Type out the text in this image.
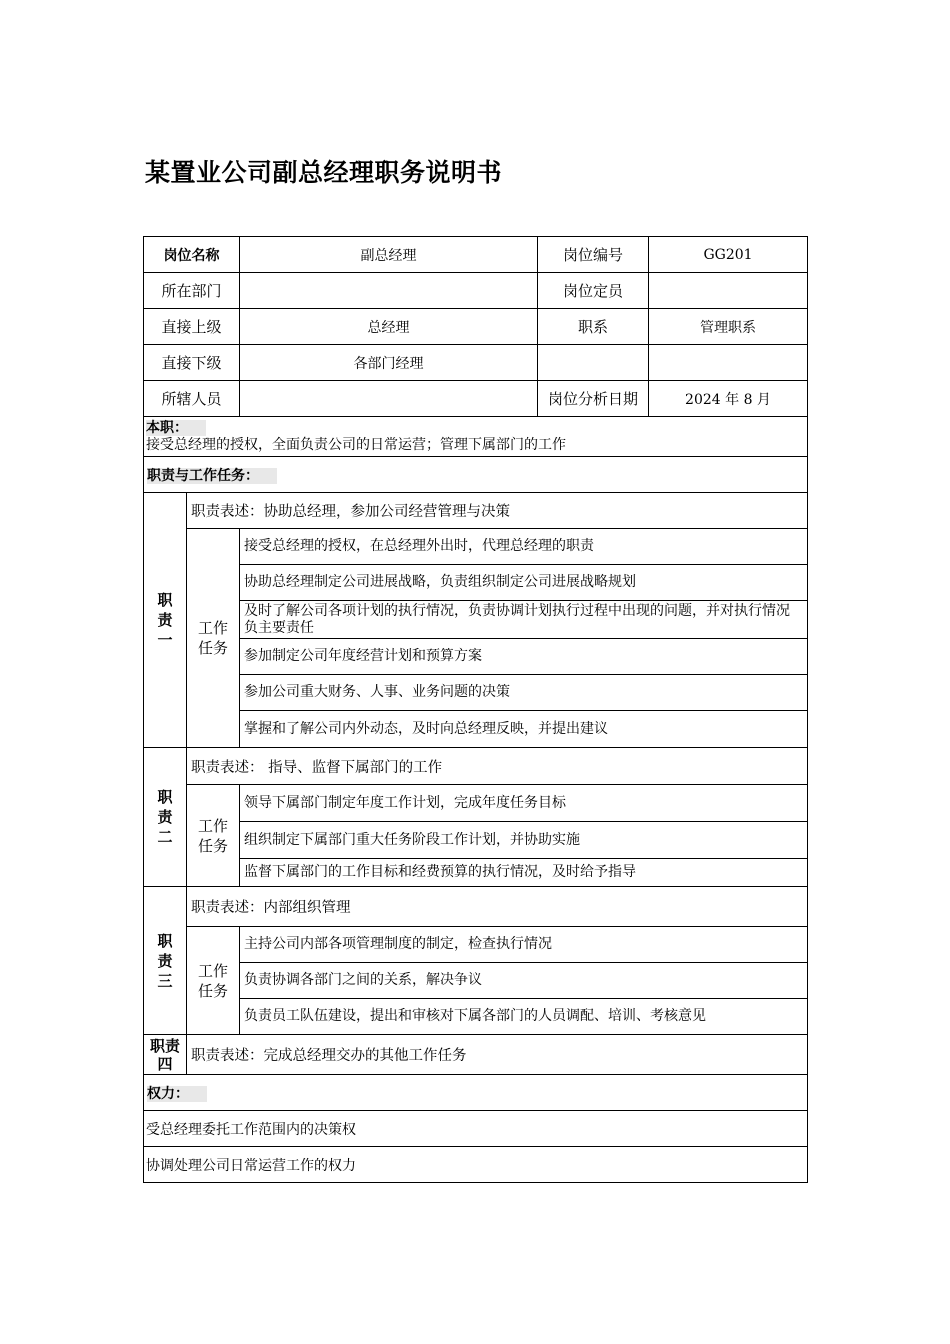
某置业公司副总经理职务说明书
岗位名称		副总经理	岗位编号	GG201
所在部门			岗位定员	
直接上级		总经理	职系	管理职系
直接下级		各部门经理		
所辖人员			岗位分析日期	2024 年 8 月

本职：
接受总经理的授权，全面负责公司的日常运营；管理下属部门的工作				

职责与工作任务：				

职
责
一	职责表述：协助总经理，参加公司经营管理与决策			

	工作
任务	接受总经理的授权，在总经理外出时，代理总经理的职责		
		协助总经理制定公司进展战略，负责组织制定公司进展战略规划		
		及时了解公司各项计划的执行情况，负责协调计划执行过程中出现的问题，并对执行情况负主要责任		
		参加制定公司年度经营计划和预算方案		
		参加公司重大财务、人事、业务问题的决策		
		掌握和了解公司内外动态，及时向总经理反映，并提出建议		

职
责
二	职责表述： 指导、监督下属部门的工作			

	工作
任务	领导下属部门制定年度工作计划，完成年度任务目标		
		组织制定下属部门重大任务阶段工作计划，并协助实施		
		监督下属部门的工作目标和经费预算的执行情况，及时给予指导		

职
责
三	职责表述：内部组织管理			

	工作
任务	主持公司内部各项管理制度的制定，检查执行情况		
		负责协调各部门之间的关系，解决争议		
		负责员工队伍建设，提出和审核对下属各部门的人员调配、培训、考核意见		

职责
四	职责表述：完成总经理交办的其他工作任务			
权力：				
受总经理委托工作范围内的决策权				
协调处理公司日常运营工作的权力				
